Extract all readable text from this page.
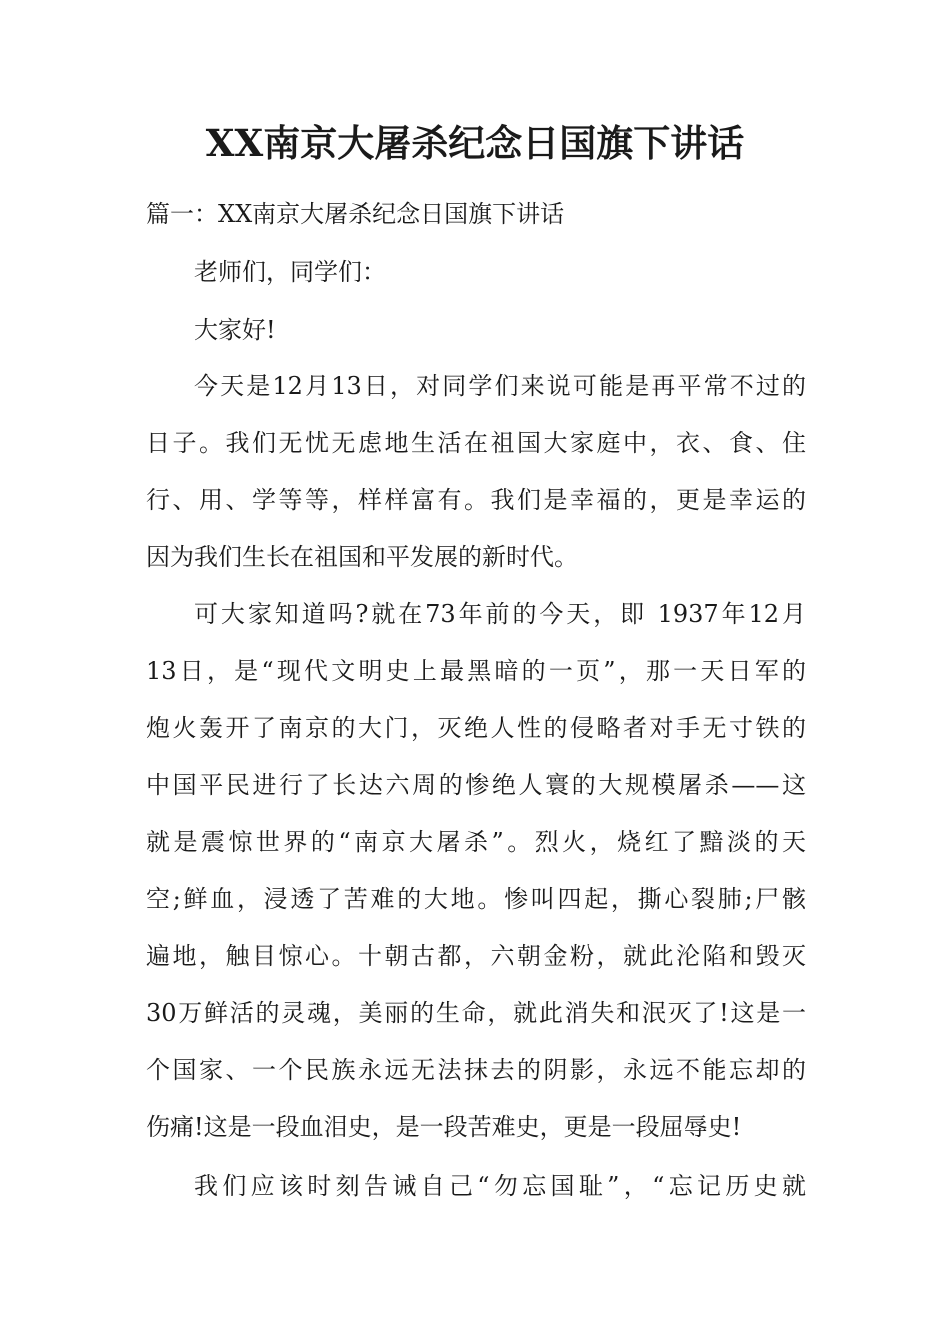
XX南京大屠杀纪念日国旗下讲话

篇一：XX南京大屠杀纪念日国旗下讲话

老师们，同学们：

大家好!

今天是12月13日，对同学们来说可能是再平常不过的

日子。我们无忧无虑地生活在祖国大家庭中，衣、食、住

行、用、学等等，样样富有。我们是幸福的，更是幸运的

因为我们生长在祖国和平发展的新时代。

可大家知道吗?就在73年前的今天，即 1937年12月

13日，是“现代文明史上最黑暗的一页”，那一天日军的

炮火轰开了南京的大门，灭绝人性的侵略者对手无寸铁的

中国平民进行了长达六周的惨绝人寰的大规模屠杀——这

就是震惊世界的“南京大屠杀”。烈火，烧红了黯淡的天

空;鲜血，浸透了苦难的大地。惨叫四起，撕心裂肺;尸骸

遍地，触目惊心。十朝古都，六朝金粉，就此沦陷和毁灭

30万鲜活的灵魂，美丽的生命，就此消失和泯灭了!这是一

个国家、一个民族永远无法抹去的阴影，永远不能忘却的

伤痛!这是一段血泪史，是一段苦难史，更是一段屈辱史!

我们应该时刻告诫自己“勿忘国耻”，“忘记历史就
